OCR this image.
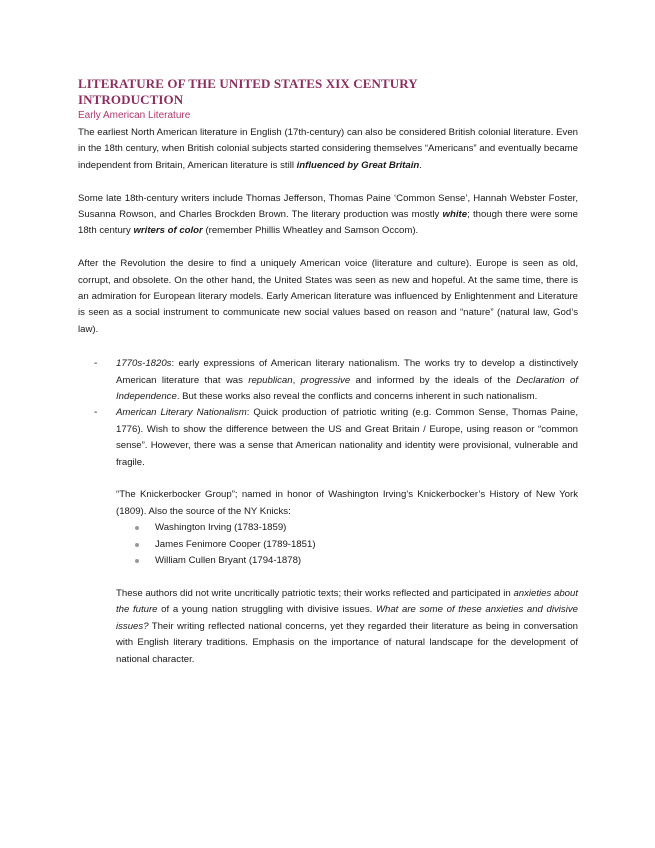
LITERATURE OF THE UNITED STATES XIX CENTURY
INTRODUCTION
Early American Literature

The earliest North American literature in English (17th-century) can also be considered British colonial literature. Even in the 18th century, when British colonial subjects started considering themselves “Americans” and eventually became independent from Britain, American literature is still influenced by Great Britain.

Some late 18th-century writers include Thomas Jefferson, Thomas Paine ‘Common Sense’, Hannah Webster Foster, Susanna Rowson, and Charles Brockden Brown. The literary production was mostly white; though there were some 18th century writers of color (remember Phillis Wheatley and Samson Occom).

After the Revolution the desire to find a uniquely American voice (literature and culture). Europe is seen as old, corrupt, and obsolete. On the other hand, the United States was seen as new and hopeful. At the same time, there is an admiration for European literary models. Early American literature was influenced by Enlightenment and Literature is seen as a social instrument to communicate new social values based on reason and “nature” (natural law, God’s law).

- 1770s-1820s: early expressions of American literary nationalism. The works try to develop a distinctively American literature that was republican, progressive and informed by the ideals of the Declaration of Independence. But these works also reveal the conflicts and concerns inherent in such nationalism.
- American Literary Nationalism: Quick production of patriotic writing (e.g. Common Sense, Thomas Paine, 1776). Wish to show the difference between the US and Great Britain / Europe, using reason or “common sense”. However, there was a sense that American nationality and identity were provisional, vulnerable and fragile.

“The Knickerbocker Group”; named in honor of Washington Irving’s Knickerbocker’s History of New York (1809). Also the source of the NY Knicks:

Washington Irving (1783-1859)
James Fenimore Cooper (1789-1851)
William Cullen Bryant (1794-1878)

These authors did not write uncritically patriotic texts; their works reflected and participated in anxieties about the future of a young nation struggling with divisive issues. What are some of these anxieties and divisive issues? Their writing reflected national concerns, yet they regarded their literature as being in conversation with English literary traditions. Emphasis on the importance of natural landscape for the development of national character.
